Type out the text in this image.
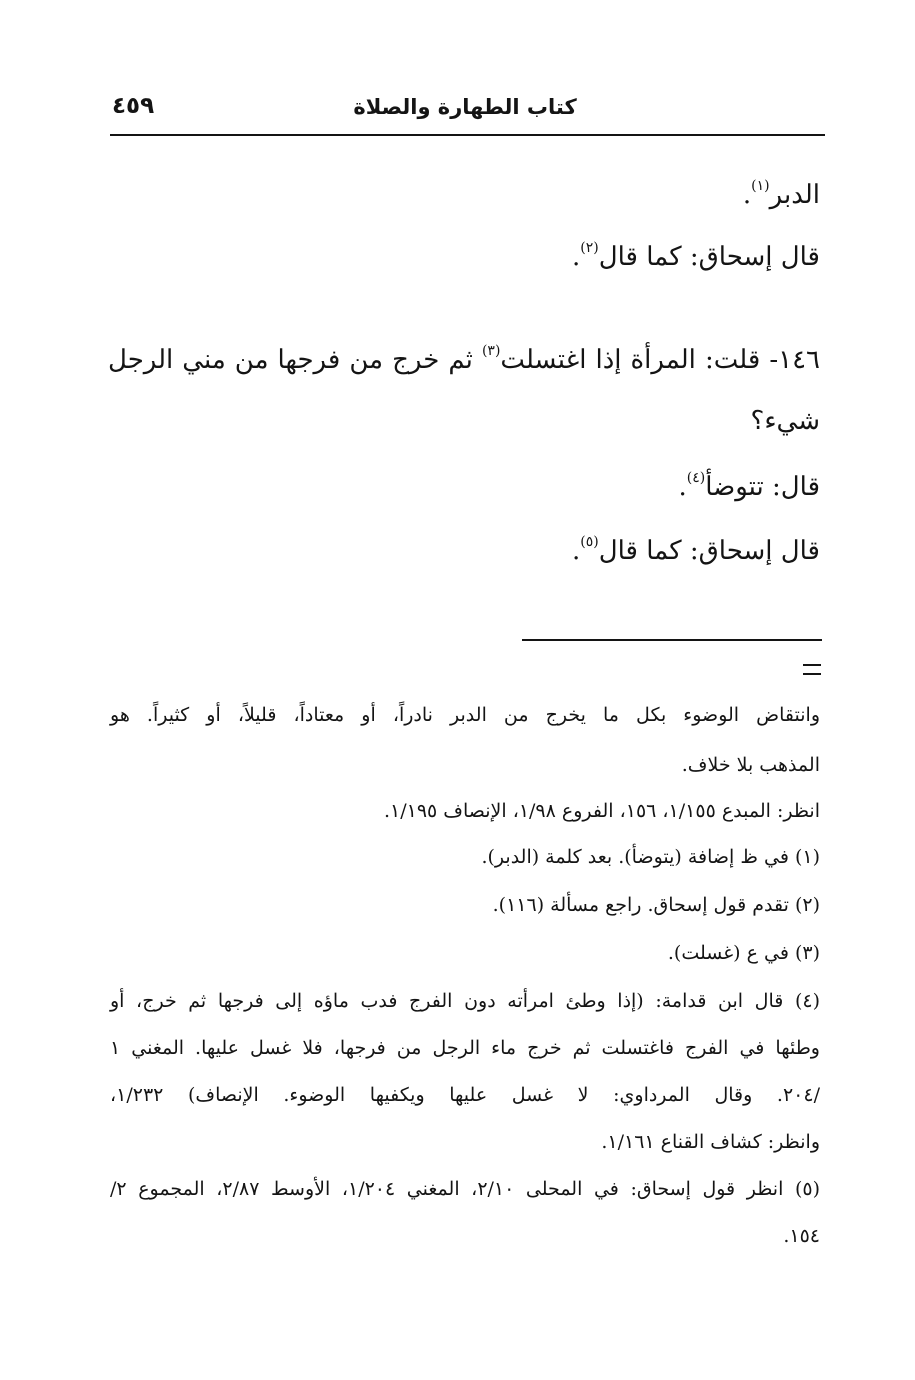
كتاب الطهارة والصلاة
٤٥٩
الدبر$^{(١)}$.
قال إسحاق: كما قال$^{(٢)}$.
١٤٦- قلت: المرأة إذا اغتسلت$^{(٣)}$ ثم خرج من فرجها من مني الرجل
شيء؟
قال: تتوضأ$^{(٤)}$.
قال إسحاق: كما قال$^{(٥)}$.
وانتقاض الوضوء بكل ما يخرج من الدبر نادراً، أو معتاداً، قليلاً، أو كثيراً. هو
المذهب بلا خلاف.
انظر: المبدع ١/١٥٥، ١٥٦، الفروع ١/٩٨، الإنصاف ١/١٩٥.
(١) في ظ إضافة (يتوضأ). بعد كلمة (الدبر).
(٢) تقدم قول إسحاق. راجع مسألة (١١٦).
(٣) في ع (غسلت).
(٤) قال ابن قدامة: (إذا وطئ امرأته دون الفرج فدب ماؤه إلى فرجها ثم خرج، أو
وطئها في الفرج فاغتسلت ثم خرج ماء الرجل من فرجها، فلا غسل عليها. المغني ١
/٢٠٤. وقال المرداوي: لا غسل عليها ويكفيها الوضوء. الإنصاف) ١/٢٣٢،
وانظر: كشاف القناع ١/١٦١.
(٥) انظر قول إسحاق: في المحلى ٢/١٠، المغني ١/٢٠٤، الأوسط ٢/٨٧، المجموع ٢/
١٥٤.
